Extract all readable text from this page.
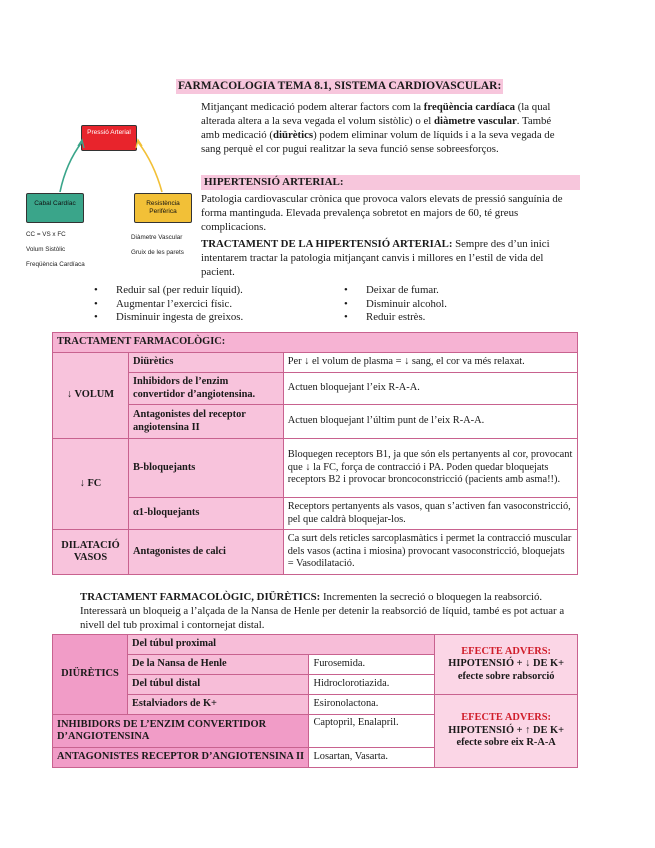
FARMACOLOGIA TEMA 8.1, SISTEMA CARDIOVASCULAR:
Mitjançant medicació podem alterar factors com la freqüència cardíaca (la qual alterada altera a la seva vegada el volum sistòlic) o el diàmetre vascular. També amb medicació (diürètics) podem eliminar volum de líquids i a la seva vegada de sang perquè el cor pugui realitzar la seva funció sense sobreesforços.
Pressió Arterial
Cabal Cardíac	Resistència Perifèrica
CC = VS x FC
Volum Sistòlic
Freqüència Cardíaca
Diàmetre Vascular
Gruix de les parets
HIPERTENSIÓ ARTERIAL:
Patologia cardiovascular crònica que provoca valors elevats de pressió sanguínia de forma mantinguda. Elevada prevalença sobretot en majors de 60, té greus complicacions.
TRACTAMENT DE LA HIPERTENSIÓ ARTERIAL: Sempre des d’un inici intentarem tractar la patologia mitjançant canvis i millores en l’estil de vida del pacient.
• Reduir sal (per reduir líquid).
• Augmentar l’exercici físic.
• Disminuir ingesta de greixos.
• Deixar de fumar.
• Disminuir alcohol.
• Reduir estrès.
TRACTAMENT FARMACOLÒGIC:		
↓ VOLUM	Diürètics	Per ↓ el volum de plasma = ↓ sang, el cor va més relaxat.
	Inhibidors de l’enzim convertidor d’angiotensina.	Actuen bloquejant l’eix R-A-A.
	Antagonistes del receptor angiotensina II	Actuen bloquejant l’últim punt de l’eix R-A-A.
↓ FC	B-bloquejants	Bloquegen receptors B1, ja que són els pertanyents al cor, provocant que ↓ la FC, força de contracció i PA. Poden quedar bloquejats receptors B2 i provocar broncoconstricció (pacients amb asma!!).
	α1-bloquejants	Receptors pertanyents als vasos, quan s’activen fan vasoconstricció, pel que caldrà bloquejar-los.
DILATACIÓ VASOS	Antagonistes de calci	Ca surt dels reticles sarcoplasmàtics i permet la contracció muscular dels vasos (actina i miosina) provocant vasoconstricció, bloquejats = Vasodilatació.
TRACTAMENT FARMACOLÒGIC, DIÜRÈTICS: Incrementen la secreció o bloquegen la reabsorció. Interessarà un bloqueig a l’alçada de la Nansa de Henle per detenir la reabsorció de líquid, també es pot actuar a nivell del tub proximal i contornejat distal.
DIÜRÈTICS	Del túbul proximal		EFECTE ADVERS:
HIPOTENSIÓ + ↓ DE K+ efecte sobre rabsorció
	De la Nansa de Henle	Furosemida.	
	Del túbul distal	Hidroclorotiazida.	
	Estalviadors de K+	Esironolactona.	EFECTE ADVERS:
HIPOTENSIÓ + ↑ DE K+ efecte sobre eix R-A-A
INHIBIDORS DE L’ENZIM CONVERTIDOR D’ANGIOTENSINA		Captopril, Enalapril.	
ANTAGONISTES RECEPTOR D’ANGIOTENSINA II		Losartan, Vasarta.	
